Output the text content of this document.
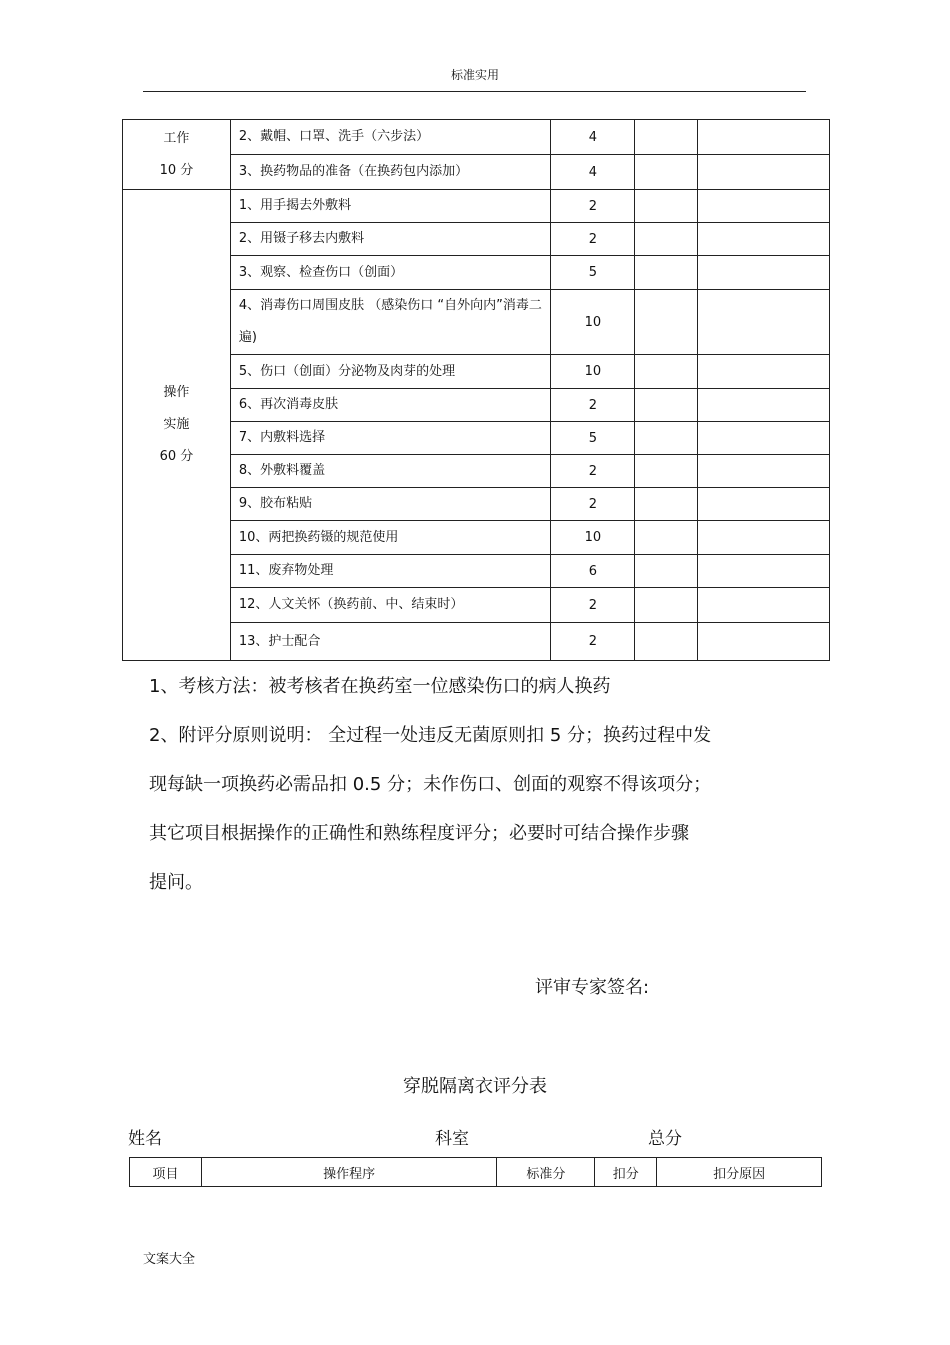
标准实用
工作
10 分	2、戴帽、口罩、洗手（六步法）	4		
	3、换药物品的准备（在换药包内添加）	4		

操作
实施
60 分	1、用手揭去外敷料	2		
	2、用镊子移去内敷料	2		
	3、观察、检查伤口（创面）	5		
	4、消毒伤口周围皮肤 （感染伤口 “自外向内”消毒二遍)	10		
	5、伤口（创面）分泌物及肉芽的处理	10		
	6、再次消毒皮肤	2		
	7、内敷料选择	5		
	8、外敷料覆盖	2		
	9、胶布粘贴	2		
	10、两把换药镊的规范使用	10		
	11、废弃物处理	6		
	12、人文关怀（换药前、中、结束时）	2		
	13、护士配合	2		

1、考核方法：被考核者在换药室一位感染伤口的病人换药

2、附评分原则说明： 全过程一处违反无菌原则扣 5 分；换药过程中发

现每缺一项换药必需品扣 0.5 分；未作伤口、创面的观察不得该项分；

其它项目根据操作的正确性和熟练程度评分；必要时可结合操作步骤

提问。

评审专家签名:
穿脱隔离衣评分表
姓名	科室	总分
项目	操作程序	标准分	扣分	扣分原因
文案大全
